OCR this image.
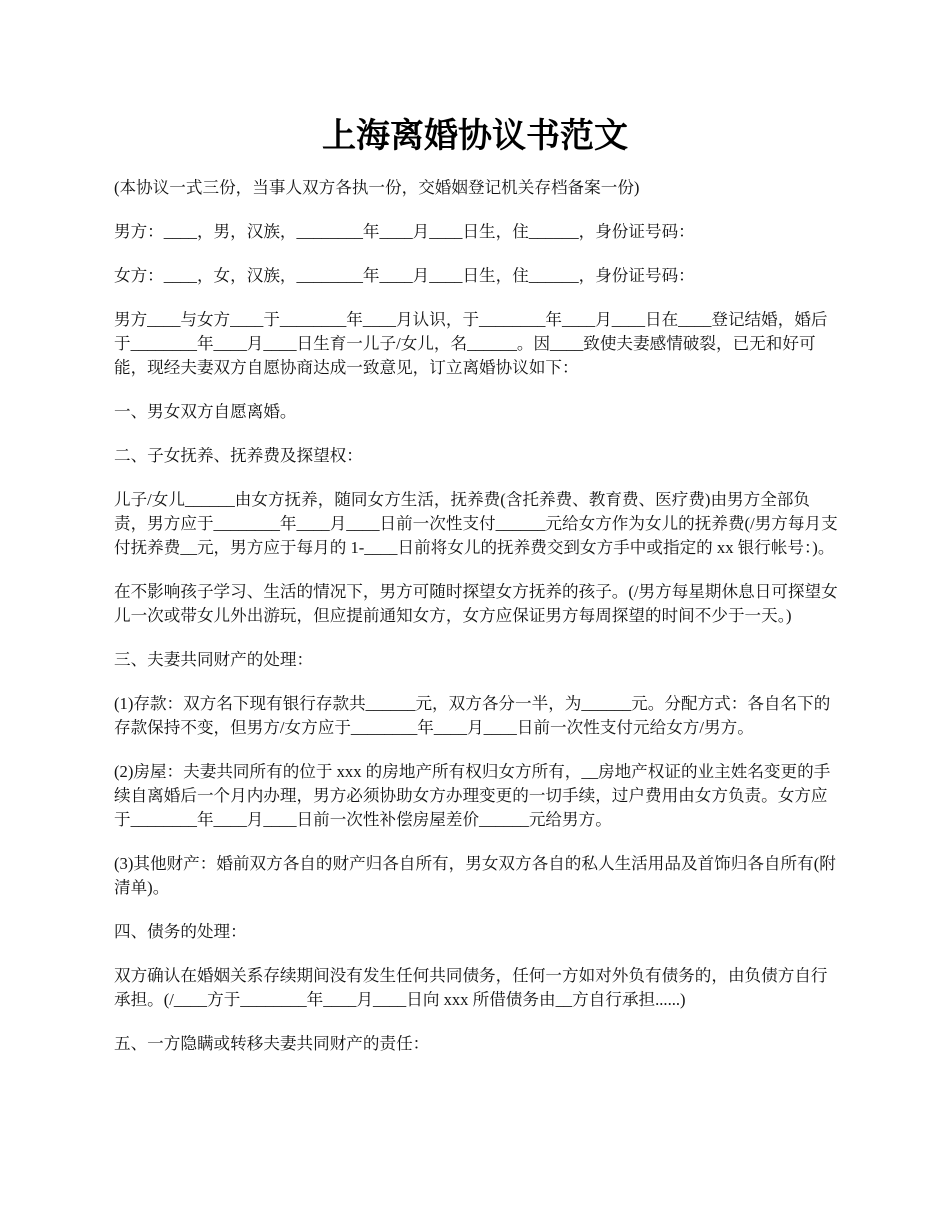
上海离婚协议书范文

(本协议一式三份，当事人双方各执一份，交婚姻登记机关存档备案一份)

男方：____，男，汉族，________年____月____日生，住______，身份证号码：

女方：____，女，汉族，________年____月____日生，住______，身份证号码：

男方____与女方____于________年____月认识，于________年____月____日在____登记结婚，婚后于________年____月____日生育一儿子/女儿，名______。因____致使夫妻感情破裂，已无和好可能，现经夫妻双方自愿协商达成一致意见，订立离婚协议如下：

一、男女双方自愿离婚。

二、子女抚养、抚养费及探望权：

儿子/女儿______由女方抚养，随同女方生活，抚养费(含托养费、教育费、医疗费)由男方全部负责，男方应于________年____月____日前一次性支付______元给女方作为女儿的抚养费(/男方每月支付抚养费__元，男方应于每月的 1-____日前将女儿的抚养费交到女方手中或指定的 xx 银行帐号：)。

在不影响孩子学习、生活的情况下，男方可随时探望女方抚养的孩子。(/男方每星期休息日可探望女儿一次或带女儿外出游玩，但应提前通知女方，女方应保证男方每周探望的时间不少于一天。)

三、夫妻共同财产的处理：

(1)存款：双方名下现有银行存款共______元，双方各分一半，为______元。分配方式：各自名下的存款保持不变，但男方/女方应于________年____月____日前一次性支付元给女方/男方。

(2)房屋：夫妻共同所有的位于 xxx 的房地产所有权归女方所有，__房地产权证的业主姓名变更的手续自离婚后一个月内办理，男方必须协助女方办理变更的一切手续，过户费用由女方负责。女方应于________年____月____日前一次性补偿房屋差价______元给男方。

(3)其他财产：婚前双方各自的财产归各自所有，男女双方各自的私人生活用品及首饰归各自所有(附清单)。

四、债务的处理：

双方确认在婚姻关系存续期间没有发生任何共同债务，任何一方如对外负有债务的，由负债方自行承担。(/____方于________年____月____日向 xxx 所借债务由__方自行承担......)

五、一方隐瞒或转移夫妻共同财产的责任：
